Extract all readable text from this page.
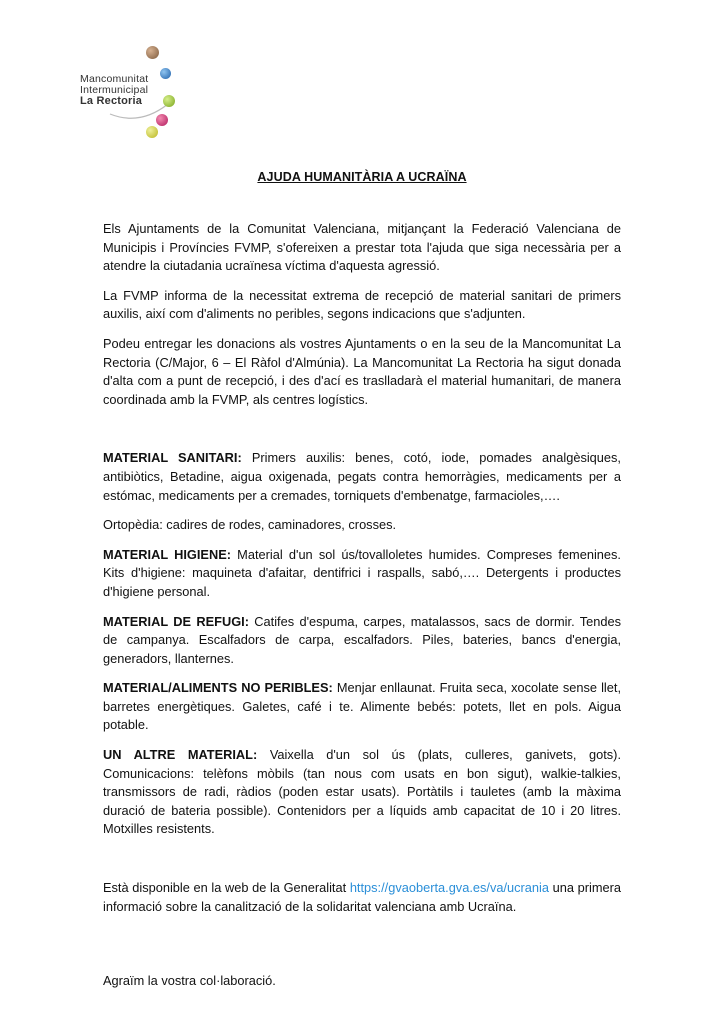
Mancomunitat
Intermunicipal
La Rectoria
AJUDA HUMANITÀRIA A UCRAÏNA

Els Ajuntaments de la Comunitat Valenciana, mitjançant la Federació Valenciana de Municipis i Províncies FVMP, s'ofereixen a prestar tota l'ajuda que siga necessària per a atendre la ciutadania ucraïnesa víctima d'aquesta agressió.

La FVMP informa de la necessitat extrema de recepció de material sanitari de primers auxilis, així com d'aliments no peribles, segons indicacions que s'adjunten.

Podeu entregar les donacions als vostres Ajuntaments o en la seu de la Mancomunitat La Rectoria (C/Major, 6 – El Ràfol d'Almúnia). La Mancomunitat La Rectoria ha sigut donada d'alta com a punt de recepció, i des d'ací es traslladarà el material humanitari, de manera coordinada amb la FVMP, als centres logístics.

MATERIAL SANITARI: Primers auxilis: benes, cotó, iode, pomades analgèsiques, antibiòtics, Betadine, aigua oxigenada, pegats contra hemorràgies, medicaments per a estómac, medicaments per a cremades, torniquets d'embenatge, farmacioles,….

Ortopèdia: cadires de rodes, caminadores, crosses.

MATERIAL HIGIENE: Material d'un sol ús/tovalloletes humides. Compreses femenines. Kits d'higiene: maquineta d'afaitar, dentifrici i raspalls, sabó,…. Detergents i productes d'higiene personal.

MATERIAL DE REFUGI: Catifes d'espuma, carpes, matalassos, sacs de dormir. Tendes de campanya. Escalfadors de carpa, escalfadors. Piles, bateries, bancs d'energia, generadors, llanternes.

MATERIAL/ALIMENTS NO PERIBLES: Menjar enllaunat. Fruita seca, xocolate sense llet, barretes energètiques. Galetes, café i te. Alimente bebés: potets, llet en pols. Aigua potable.

UN ALTRE MATERIAL: Vaixella d'un sol ús (plats, culleres, ganivets, gots). Comunicacions: telèfons mòbils (tan nous com usats en bon sigut), walkie-talkies, transmissors de radi, ràdios (poden estar usats). Portàtils i tauletes (amb la màxima duració de bateria possible). Contenidors per a líquids amb capacitat de 10 i 20 litres. Motxilles resistents.

Està disponible en la web de la Generalitat https://gvaoberta.gva.es/va/ucrania una primera informació sobre la canalització de la solidaritat valenciana amb Ucraïna.

Agraïm la vostra col·laboració.
